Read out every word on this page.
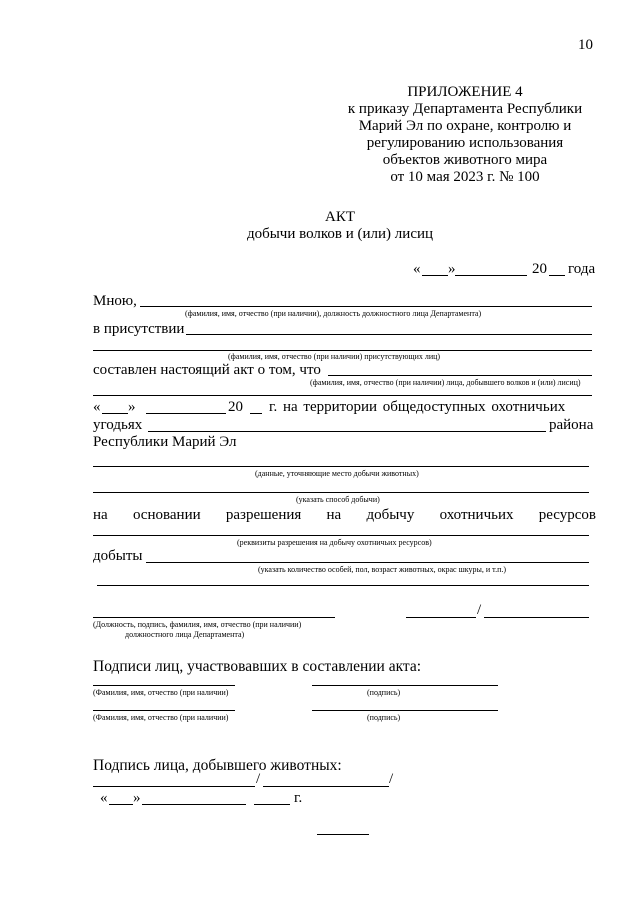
10
ПРИЛОЖЕНИЕ 4
к приказу Департамента Республики
Марий Эл по охране, контролю и
регулированию использования
объектов животного мира
от 10 мая 2023 г. № 100
АКТ
добычи волков и (или) лисиц
« »	20 года
Мною,
(фамилия, имя, отчество (при наличии), должность должностного лица Департамента)
в присутствии
(фамилия, имя, отчество (при наличии) присутствующих лиц)
составлен настоящий акт о том, что
(фамилия, имя, отчество (при наличии) лица, добывшего волков и (или) лисиц)
« »	20 г. на территории общедоступных охотничьих
угодьях	района
Республики Марий Эл
(данные, уточняющие место добычи животных)
(указать способ добычи)
на основании разрешения на добычу охотничьих ресурсов
(реквизиты разрешения на добычу охотничьих ресурсов)
добыты
(указать количество особей, пол, возраст животных, окрас шкуры, и т.п.)
(Должность, подпись, фамилия, имя, отчество (при наличии)
должностного лица Департамента)
/
Подписи лиц, участвовавших в составлении акта:
(Фамилия, имя, отчество (при наличии)	(подпись)
(Фамилия, имя, отчество (при наличии)	(подпись)
Подпись лица, добывшего животных:
/	/
« »	г.
